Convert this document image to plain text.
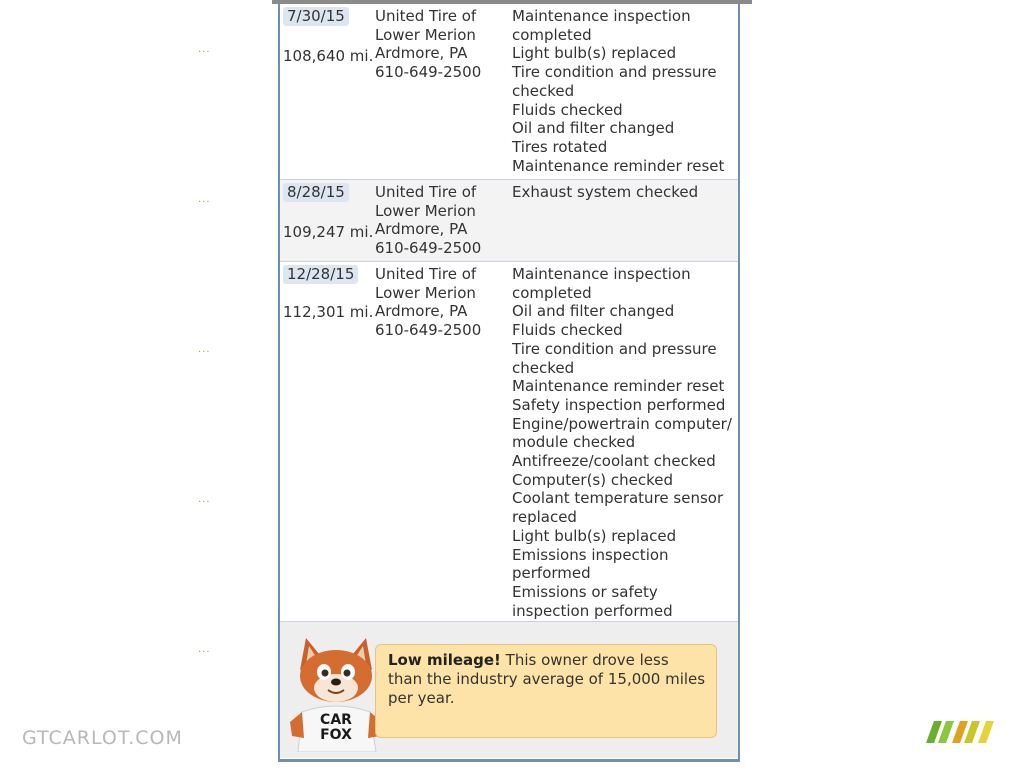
...
...
...
...
...
7/30/15
108,640 mi.
United Tire of
Lower Merion
Ardmore, PA
610-649-2500
Maintenance inspection completed
Light bulb(s) replaced
Tire condition and pressure checked
Fluids checked
Oil and filter changed
Tires rotated
Maintenance reminder reset
8/28/15
109,247 mi.
United Tire of
Lower Merion
Ardmore, PA
610-649-2500
Exhaust system checked
12/28/15
112,301 mi.
United Tire of
Lower Merion
Ardmore, PA
610-649-2500
Maintenance inspection completed
Oil and filter changed
Fluids checked
Tire condition and pressure checked
Maintenance reminder reset
Safety inspection performed
Engine/powertrain computer/ module checked
Antifreeze/coolant checked
Computer(s) checked
Coolant temperature sensor replaced
Light bulb(s) replaced
Emissions inspection performed
Emissions or safety inspection performed
CAR
FOX
Low mileage! This owner drove less than the industry average of 15,000 miles per year.
GTCARLOT.COM
